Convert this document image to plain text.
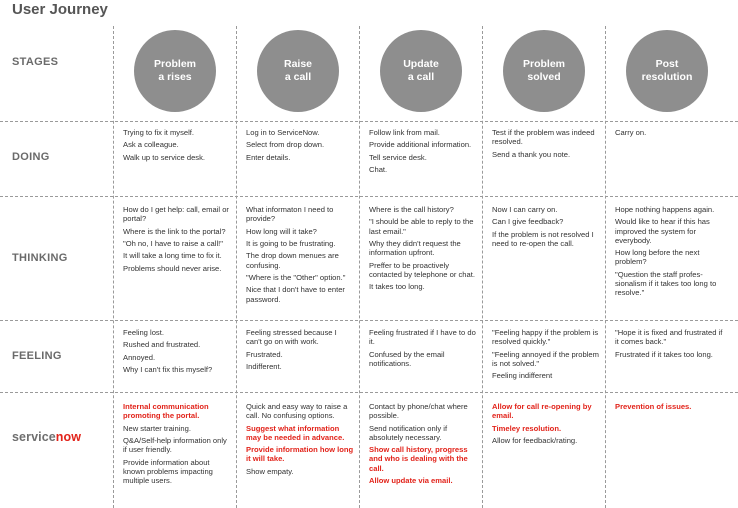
User Journey
STAGES
DOING
THINKING
FEELING
servicenow
Problem
a rises
Raise
a call
Update
a call
Problem
solved
Post
resolution

Trying to fix it myself.

Ask a colleague.

Walk up to service desk.

Log in to ServiceNow.

Select from drop down.

Enter details.

Follow link from mail.

Provide additional information.

Tell service desk.

Chat.

Test if the problem was indeed resolved.

Send a thank you note.

Carry on.

How do I get help: call, email or portal?

Where is the link to the portal?

"Oh no, I have to raise a call!"

It will take a long time to fix it.

Problems should never arise.

What informaton I need to provide?

How long will it take?

It is going to be frustrating.

The drop down menues are confusing.

"Where is the "Other" option."

Nice that I don't have to enter password.

Where is the call history?

"I should be able to reply to the last email."

Why they didn't request the information upfront.

Preffer to be proactively contacted by telephone or chat.

It takes too long.

Now I can carry on.

Can I give feedback?

If the problem is not resolved I need to re-open the call.

Hope nothing happens again.

Would like to hear if this has improved the system for everybody.

How long before the next problem?

"Question the staff profes-sionalism if it takes too long to resolve."

Feeling lost.

Rushed and frustrated.

Annoyed.

Why I can't fix this myself?

Feeling stressed because I can't go on with work.

Frustrated.

Indifferent.

Feeling frustrated if I have to do it.

Confused by the email notifications.

"Feeling happy if the problem is resolved quickly."

"Feeling annoyed if the problem is not solved."

Feeling indifferent

"Hope it is fixed and frustrated if it comes back."

Frustrated if it takes too long.

Internal communication promoting the portal.

New starter training.

Q&A/Self-help information only if user friendly.

Provide information about known problems impacting multiple users.

Quick and easy way to raise a call. No confusing options.

Suggest what information may be needed in advance.

Provide information how long it will take.

Show empaty.

Contact by phone/chat where possible.

Send notification only if absolutely necessary.

Show call history, progress and who is dealing with the call.

Allow update via email.

Allow for call re-opening by email.

Timeley resolution.

Allow for feedback/rating.

Prevention of issues.
